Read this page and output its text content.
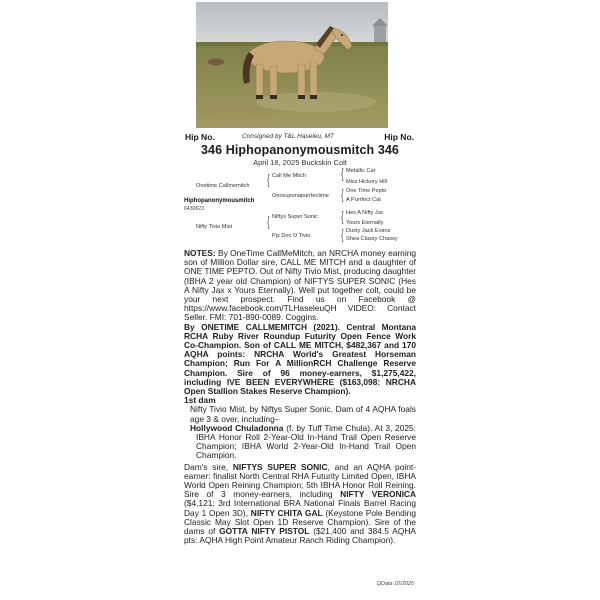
Hip No.	Consigned by T&L Haseleu, MT	Hip No.
346 Hiphopanonymousmitch 346
April 18, 2025 Buckskin Colt
Onetime Callmemitch { Call Me Mitch
Onceuponapurrfectime
{ Metallic Cat
Miss Hickory Hill
{ One Time Pepto
A Purrfect Cat
Hiphopanonymousmitch
6430623
Nifty Tivio Mist	{ Niftys Super Sonic
Pjs Doc O Tivio
{ Hes A Nifty Jac
Yours Eternally
{ Dusty Jack Evans
Shea Classy Chassy

NOTES: By OneTime CallMeMitch, an NRCHA money earning son of Million Dollar sire, CALL ME MITCH and a daughter of ONE TIME PEPTO. Out of Nifty Tivio Mist, producing daughter (IBHA 2 year old Champion) of NIFTYS SUPER SONIC (Hes A Nifty Jax x Yours Eternally). Well put together colt, could be your next prospect. Find us on Facebook @ https://www.facebook.com/TLHaseleuQH VIDEO: Contact Seller. FMI: 701-890-0089. Coggins.

By ONETIME CALLMEMITCH (2021). Central Montana RCHA Ruby River Roundup Futurity Open Fence Work Co-Champion. Son of CALL ME MITCH, $482,367 and 170 AQHA points: NRCHA World's Greatest Horseman Champion; Run For A MillionRCH Challenge Reserve Champion. Sire of 96 money-earners, $1,275,422, including IVE BEEN EVERYWHERE ($163,098: NRCHA Open Stallion Stakes Reserve Champion).

1st dam

Nifty Tivio Mist, by Niftys Super Sonic. Dam of 4 AQHA foals age 3 & over, including–

Hollywood Chuladonna (f. by Tuff Time Chula). At 3, 2025: IBHA Honor Roll 2-Year-Old In-Hand Trail Open Reserve Champion; IBHA World 2-Year-Old In-Hand Trail Open Champion.

Dam's sire, NIFTYS SUPER SONIC, and an AQHA point-earner: finalist North Central RHA Futurity Limited Open, IBHA World Open Reining Champion; 5th IBHA Honor Roll Reining. Sire of 3 money-earners, including NIFTY VERONICA ($4,121: 3rd International BRA National Finals Barrel Racing Day 1 Open 3D), NIFTY CHITA GAL (Keystone Pole Bending Classic May Slot Open 1D Reserve Champion). Sire of the dams of GOTTA NIFTY PISTOL ($21,400 and 384.5 AQHA pts: AQHA High Point Amateur Ranch Riding Champion).

QData 10/2025
